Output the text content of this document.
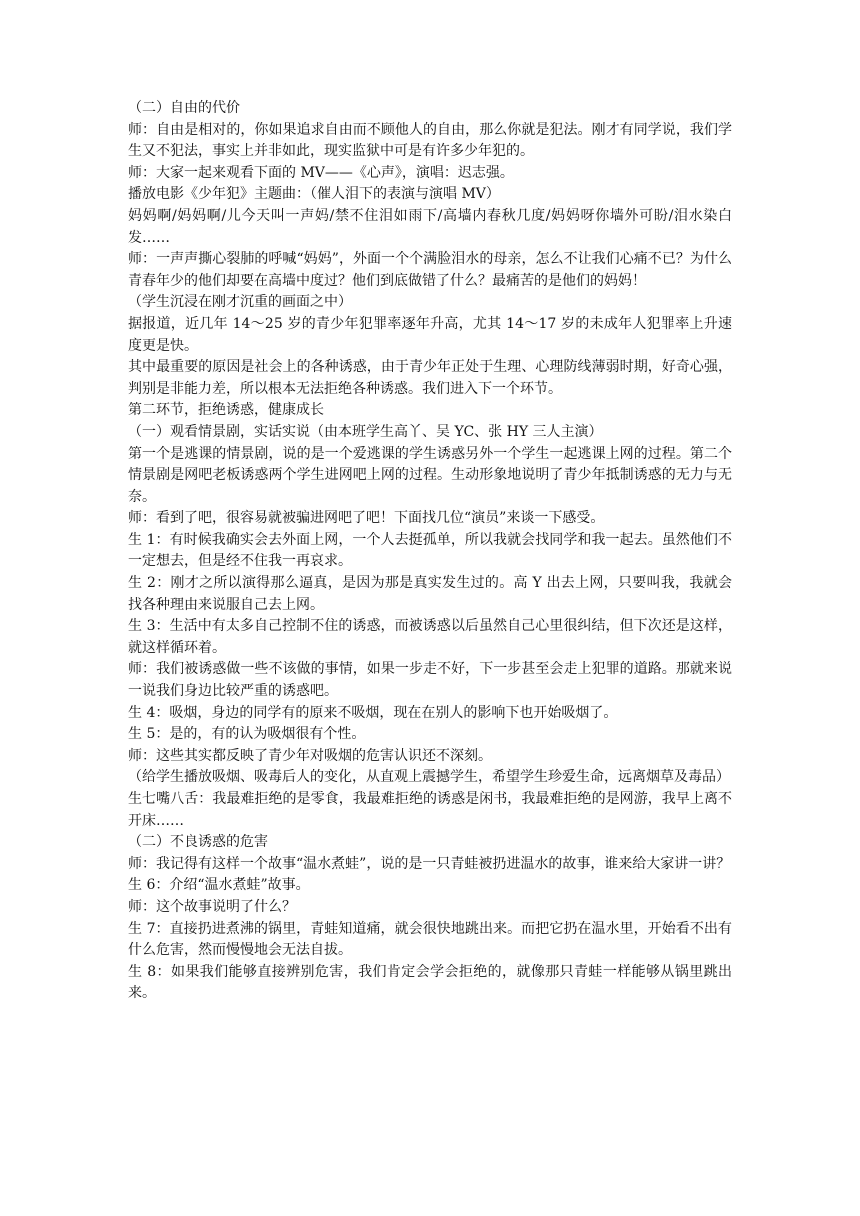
（二）自由的代价

师：自由是相对的，你如果追求自由而不顾他人的自由，那么你就是犯法。刚才有同学说，我们学生又不犯法，事实上并非如此，现实监狱中可是有许多少年犯的。

师：大家一起来观看下面的 MV——《心声》，演唱：迟志强。

播放电影《少年犯》主题曲：（催人泪下的表演与演唱 MV）

妈妈啊/妈妈啊/儿今天叫一声妈/禁不住泪如雨下/高墙内春秋几度/妈妈呀你墙外可盼/泪水染白发……

师：一声声撕心裂肺的呼喊“妈妈”，外面一个个满脸泪水的母亲，怎么不让我们心痛不已？为什么青春年少的他们却要在高墙中度过？他们到底做错了什么？最痛苦的是他们的妈妈！

（学生沉浸在刚才沉重的画面之中）

据报道，近几年 14～25 岁的青少年犯罪率逐年升高，尤其 14～17 岁的未成年人犯罪率上升速度更是快。

其中最重要的原因是社会上的各种诱惑，由于青少年正处于生理、心理防线薄弱时期，好奇心强，判别是非能力差，所以根本无法拒绝各种诱惑。我们进入下一个环节。

第二环节，拒绝诱惑，健康成长

（一）观看情景剧，实话实说（由本班学生高丫、吴 YC、张 HY 三人主演）

第一个是逃课的情景剧，说的是一个爱逃课的学生诱惑另外一个学生一起逃课上网的过程。第二个情景剧是网吧老板诱惑两个学生进网吧上网的过程。生动形象地说明了青少年抵制诱惑的无力与无奈。

师：看到了吧，很容易就被骗进网吧了吧！下面找几位“演员”来谈一下感受。

生 1：有时候我确实会去外面上网，一个人去挺孤单，所以我就会找同学和我一起去。虽然他们不一定想去，但是经不住我一再哀求。

生 2：刚才之所以演得那么逼真，是因为那是真实发生过的。高 Y 出去上网，只要叫我，我就会找各种理由来说服自己去上网。

生 3：生活中有太多自己控制不住的诱惑，而被诱惑以后虽然自己心里很纠结，但下次还是这样，就这样循环着。

师：我们被诱惑做一些不该做的事情，如果一步走不好，下一步甚至会走上犯罪的道路。那就来说一说我们身边比较严重的诱惑吧。

生 4：吸烟，身边的同学有的原来不吸烟，现在在别人的影响下也开始吸烟了。

生 5：是的，有的认为吸烟很有个性。

师：这些其实都反映了青少年对吸烟的危害认识还不深刻。

（给学生播放吸烟、吸毒后人的变化，从直观上震撼学生，希望学生珍爱生命，远离烟草及毒品）

生七嘴八舌：我最难拒绝的是零食，我最难拒绝的诱惑是闲书，我最难拒绝的是网游，我早上离不开床……

（二）不良诱惑的危害

师：我记得有这样一个故事“温水煮蛙”，说的是一只青蛙被扔进温水的故事，谁来给大家讲一讲？

生 6：介绍“温水煮蛙”故事。

师：这个故事说明了什么？

生 7：直接扔进煮沸的锅里，青蛙知道痛，就会很快地跳出来。而把它扔在温水里，开始看不出有什么危害，然而慢慢地会无法自拔。

生 8：如果我们能够直接辨别危害，我们肯定会学会拒绝的，就像那只青蛙一样能够从锅里跳出来。
